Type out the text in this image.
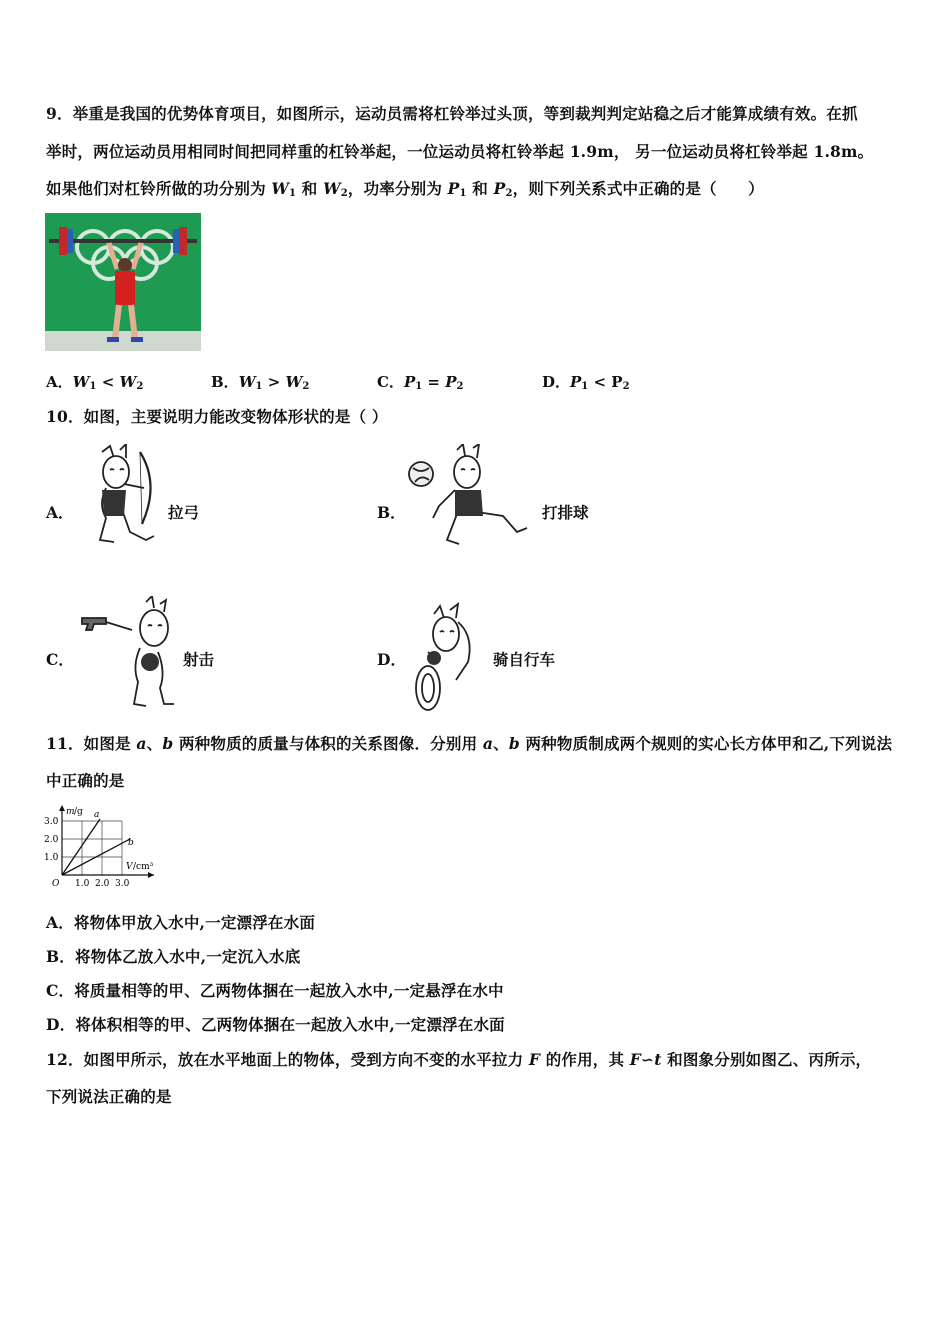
9．举重是我国的优势体育项目，如图所示，运动员需将杠铃举过头顶，等到裁判判定站稳之后才能算成绩有效。在抓
举时，两位运动员用相同时间把同样重的杠铃举起，一位运动员将杠铃举起 1.9m， 另一位运动员将杠铃举起 1.8m。
如果他们对杠铃所做的功分别为 $W_1$ 和 $W_2$，功率分别为 $P_1$ 和 $P_2$，则下列关系式中正确的是（　　）
A．$W_1 < W_2$	B．$W_1 > W_2$	C．$P_1 = P_2$	D．$P_1 < P_2$
10．如图，主要说明力能改变物体形状的是（ ）
A．	拉弓	B．	打排球
C．	射击	D．	骑自行车
11．如图是 a、b 两种物质的质量与体积的关系图像．分别用 a、b 两种物质制成两个规则的实心长方体甲和乙,下列说法
中正确的是
m /g a
b
V /cm³
1.0
2.0
3.0
O 1.0 2.0 3.0
A．将物体甲放入水中,一定漂浮在水面
B．将物体乙放入水中,一定沉入水底
C．将质量相等的甲、乙两物体捆在一起放入水中,一定悬浮在水中
D．将体积相等的甲、乙两物体捆在一起放入水中,一定漂浮在水面
12．如图甲所示，放在水平地面上的物体，受到方向不变的水平拉力 F 的作用，其 F∽t 和图象分别如图乙、丙所示，
下列说法正确的是
